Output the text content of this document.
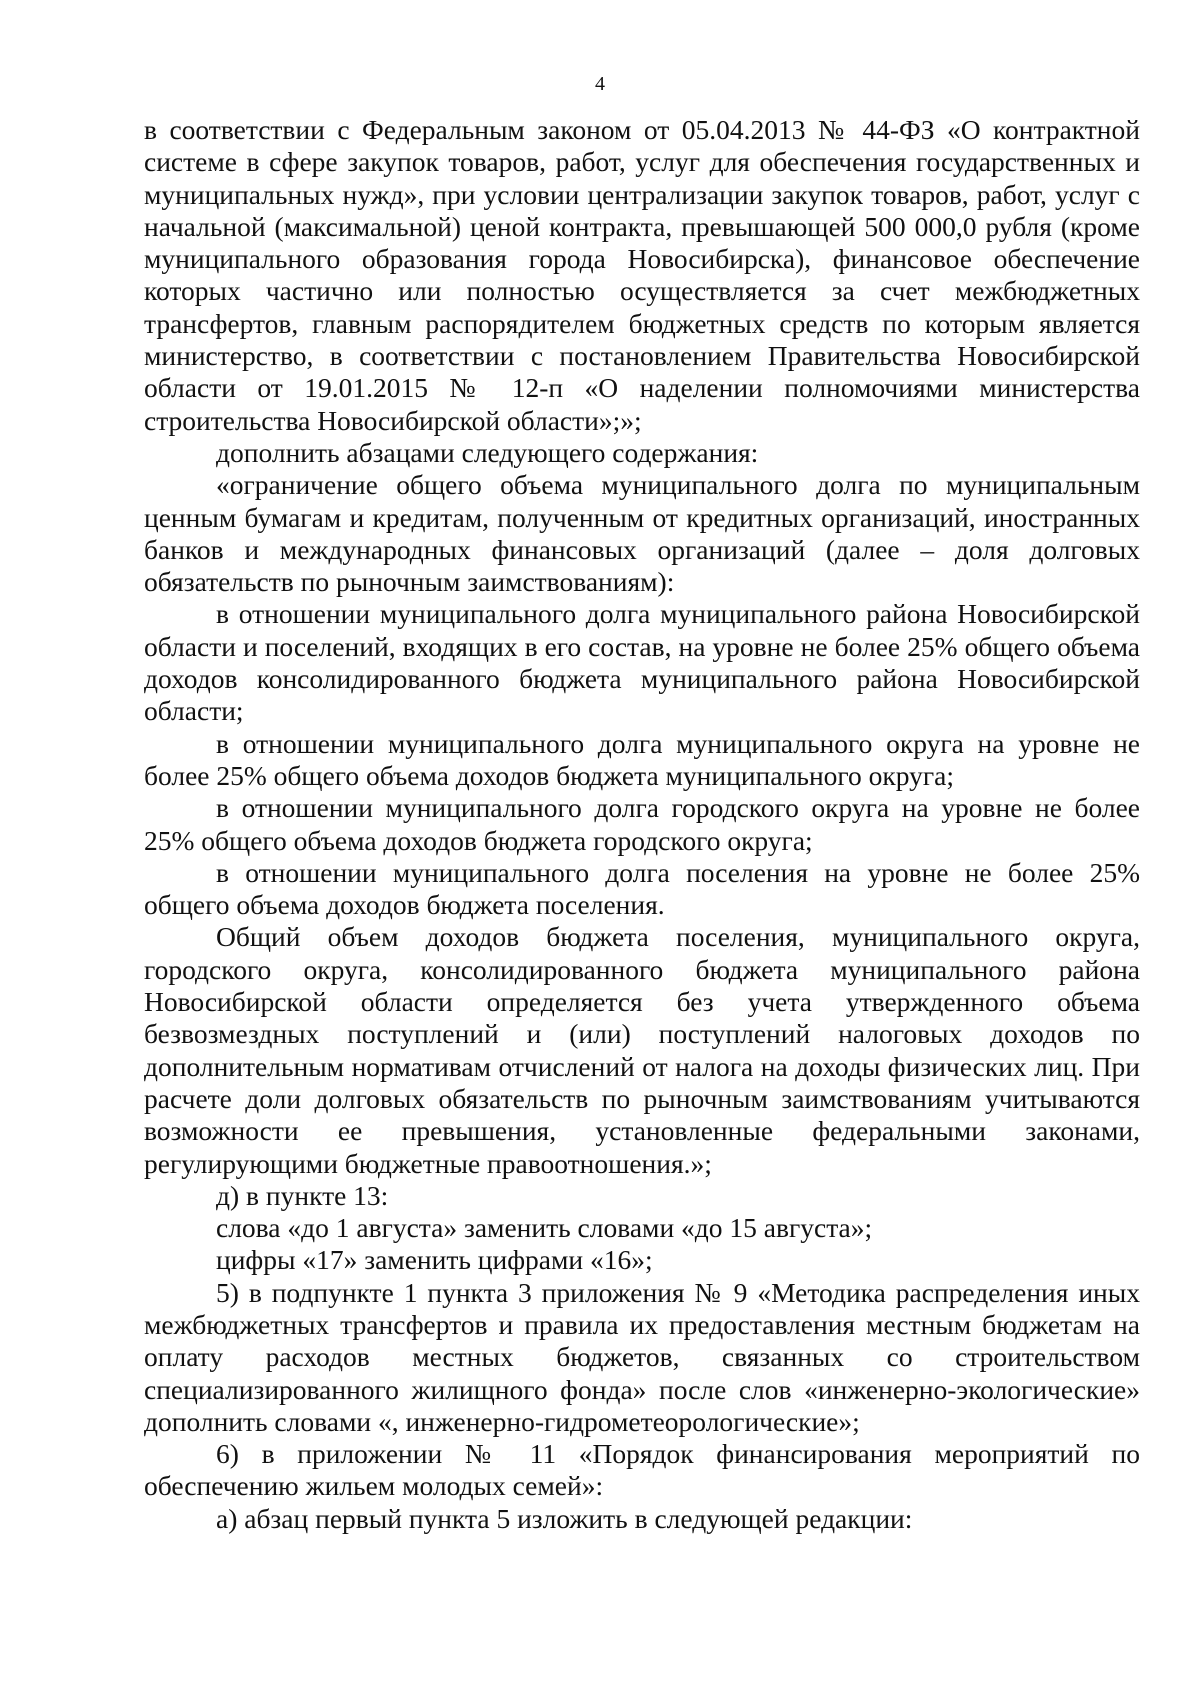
4

в соответствии с Федеральным законом от 05.04.2013 № 44-ФЗ «О контрактной системе в сфере закупок товаров, работ, услуг для обеспечения государственных и муниципальных нужд», при условии централизации закупок товаров, работ, услуг с начальной (максимальной) ценой контракта, превышающей 500 000,0 рубля (кроме муниципального образования города Новосибирска), финансовое обеспечение которых частично или полностью осуществляется за счет межбюджетных трансфертов, главным распорядителем бюджетных средств по которым является министерство, в соответствии с постановлением Правительства Новосибирской области от 19.01.2015 № 12-п «О наделении полномочиями министерства строительства Новосибирской области»;»;

дополнить абзацами следующего содержания:

«ограничение общего объема муниципального долга по муниципальным ценным бумагам и кредитам, полученным от кредитных организаций, иностранных банков и международных финансовых организаций (далее – доля долговых обязательств по рыночным заимствованиям):

в отношении муниципального долга муниципального района Новосибирской области и поселений, входящих в его состав, на уровне не более 25% общего объема доходов консолидированного бюджета муниципального района Новосибирской области;

в отношении муниципального долга муниципального округа на уровне не более 25% общего объема доходов бюджета муниципального округа;

в отношении муниципального долга городского округа на уровне не более 25% общего объема доходов бюджета городского округа;

в отношении муниципального долга поселения на уровне не более 25% общего объема доходов бюджета поселения.

Общий объем доходов бюджета поселения, муниципального округа, городского округа, консолидированного бюджета муниципального района Новосибирской области определяется без учета утвержденного объема безвозмездных поступлений и (или) поступлений налоговых доходов по дополнительным нормативам отчислений от налога на доходы физических лиц. При расчете доли долговых обязательств по рыночным заимствованиям учитываются возможности ее превышения, установленные федеральными законами, регулирующими бюджетные правоотношения.»;

д) в пункте 13:

слова «до 1 августа» заменить словами «до 15 августа»;

цифры «17» заменить цифрами «16»;

5) в подпункте 1 пункта 3 приложения № 9 «Методика распределения иных межбюджетных трансфертов и правила их предоставления местным бюджетам на оплату расходов местных бюджетов, связанных со строительством специализированного жилищного фонда» после слов «инженерно-экологические» дополнить словами «, инженерно-гидрометеорологические»;

6) в приложении № 11 «Порядок финансирования мероприятий по обеспечению жильем молодых семей»:

а) абзац первый пункта 5 изложить в следующей редакции:
